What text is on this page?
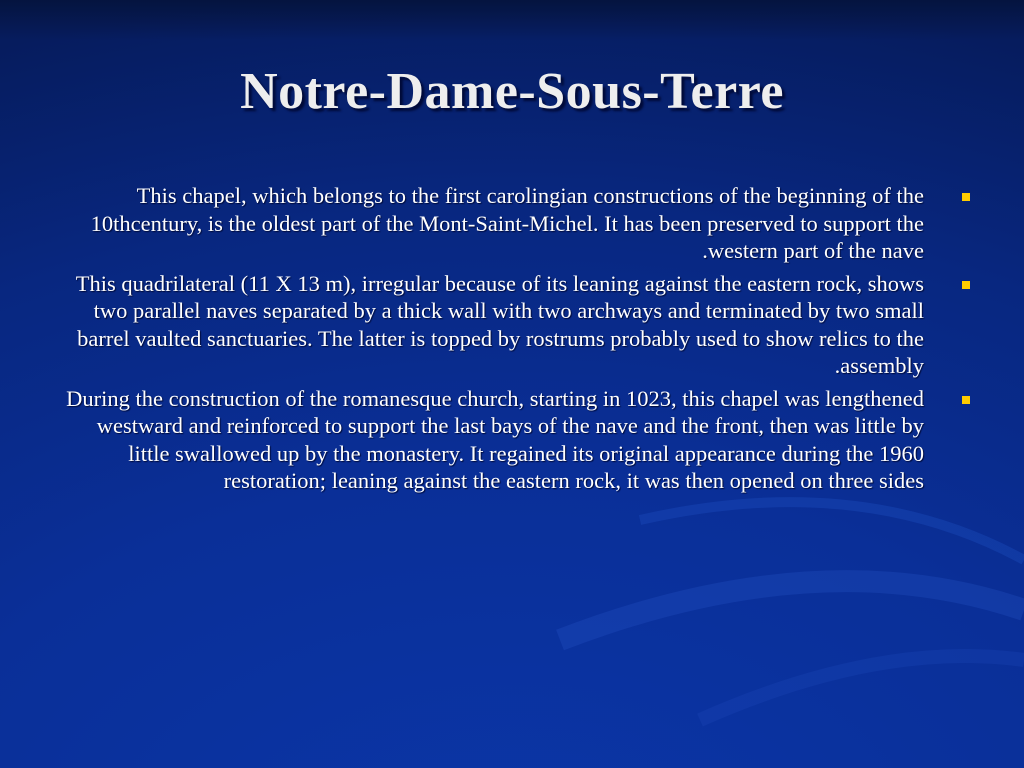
Notre-Dame-Sous-Terre
This chapel, which belongs to the first carolingian constructions of the beginning of the 10thcentury, is the oldest part of the Mont-Saint-Michel. It has been preserved to support the western part of the nave.
This quadrilateral (11 X 13 m), irregular because of its leaning against the eastern rock, shows two parallel naves separated by a thick wall with two archways and terminated by two small barrel vaulted sanctuaries. The latter is topped by rostrums probably used to show relics to the assembly.
During the construction of the romanesque church, starting in 1023, this chapel was lengthened westward and reinforced to support the last bays of the nave and the front, then was little by little swallowed up by the monastery. It regained its original appearance during the 1960 restoration; leaning against the eastern rock, it was then opened on three sides
